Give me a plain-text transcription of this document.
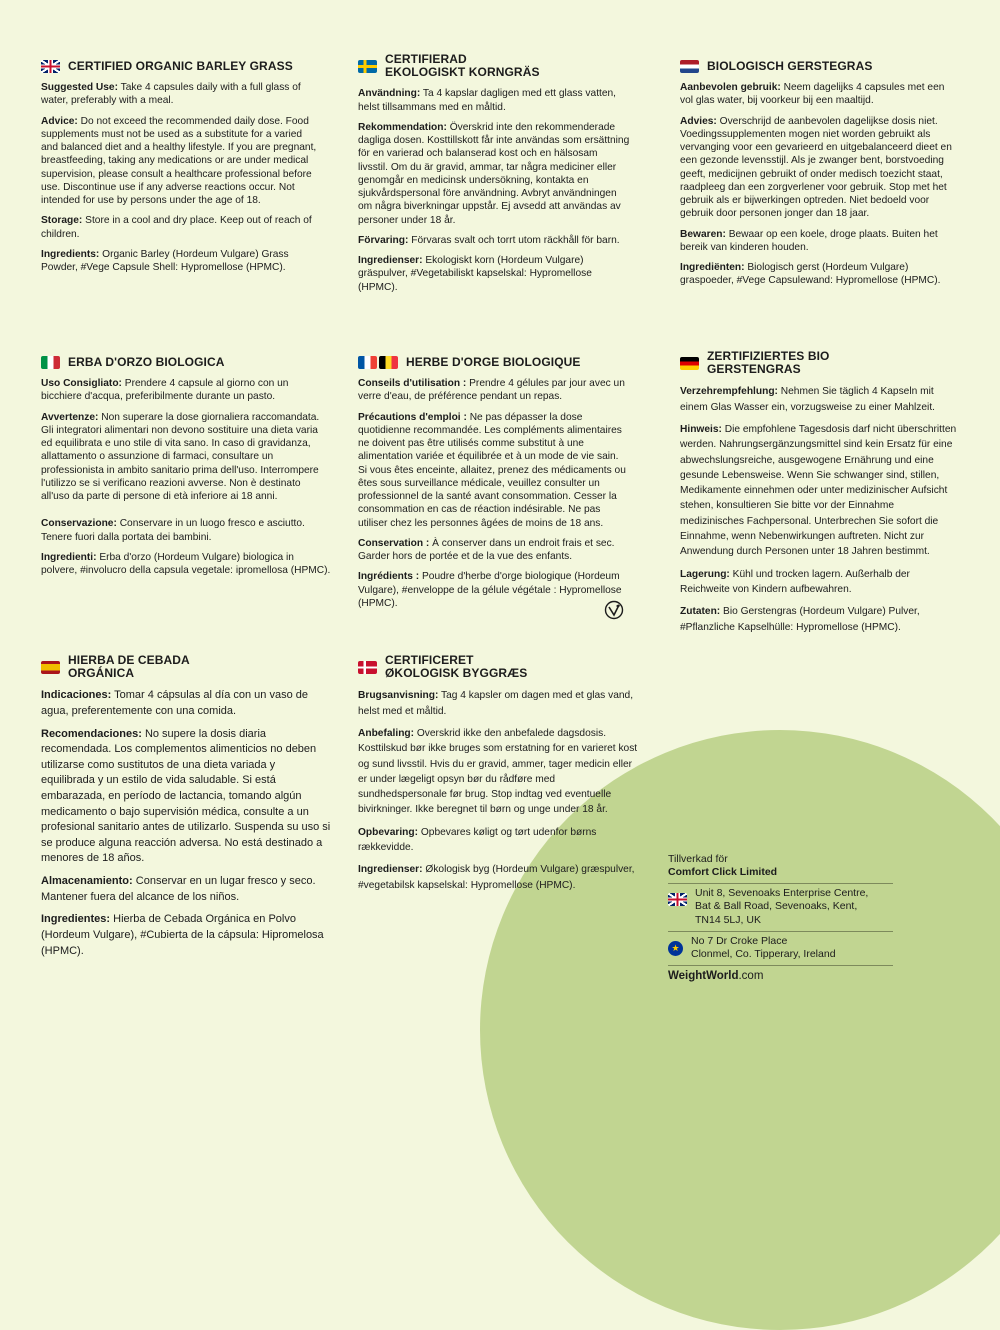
CERTIFIED ORGANIC BARLEY GRASS

Suggested Use: Take 4 capsules daily with a full glass of water, preferably with a meal.

Advice: Do not exceed the recommended daily dose. Food supplements must not be used as a substitute for a varied and balanced diet and a healthy lifestyle. If you are pregnant, breastfeeding, taking any medications or are under medical supervision, please consult a healthcare professional before use. Discontinue use if any adverse reactions occur. Not intended for use by persons under the age of 18.

Storage: Store in a cool and dry place. Keep out of reach of children.

Ingredients: Organic Barley (Hordeum Vulgare) Grass Powder, #Vege Capsule Shell: Hypromellose (HPMC).

CERTIFIERAD
EKOLOGISKT KORNGRÄS

Användning: Ta 4 kapslar dagligen med ett glass vatten, helst tillsammans med en måltid.

Rekommendation: Överskrid inte den rekommenderade dagliga dosen. Kosttillskott får inte användas som ersättning för en varierad och balanserad kost och en hälsosam livsstil. Om du är gravid, ammar, tar några mediciner eller genomgår en medicinsk undersökning, kontakta en sjukvårdspersonal före användning. Avbryt användningen om några biverkningar uppstår. Ej avsedd att användas av personer under 18 år.

Förvaring: Förvaras svalt och torrt utom räckhåll för barn.

Ingredienser: Ekologiskt korn (Hordeum Vulgare) gräspulver, #Vegetabiliskt kapselskal: Hypromellose (HPMC).

BIOLOGISCH GERSTEGRAS

Aanbevolen gebruik: Neem dagelijks 4 capsules met een vol glas water, bij voorkeur bij een maaltijd.

Advies: Overschrijd de aanbevolen dagelijkse dosis niet. Voedingssupplementen mogen niet worden gebruikt als vervanging voor een gevarieerd en uitgebalanceerd dieet en een gezonde levensstijl. Als je zwanger bent, borstvoeding geeft, medicijnen gebruikt of onder medisch toezicht staat, raadpleeg dan een zorgverlener voor gebruik. Stop met het gebruik als er bijwerkingen optreden. Niet bedoeld voor gebruik door personen jonger dan 18 jaar.

Bewaren: Bewaar op een koele, droge plaats. Buiten het bereik van kinderen houden.

Ingrediënten: Biologisch gerst (Hordeum Vulgare) graspoeder, #Vege Capsulewand: Hypromellose (HPMC).

ERBA D'ORZO BIOLOGICA

Uso Consigliato: Prendere 4 capsule al giorno con un bicchiere d'acqua, preferibilmente durante un pasto.

Avvertenze: Non superare la dose giornaliera raccomandata. Gli integratori alimentari non devono sostituire una dieta varia ed equilibrata e uno stile di vita sano. In caso di gravidanza, allattamento o assunzione di farmaci, consultare un professionista in ambito sanitario prima dell'uso. Interrompere l'utilizzo se si verificano reazioni avverse. Non è destinato all'uso da parte di persone di età inferiore ai 18 anni.

Conservazione: Conservare in un luogo fresco e asciutto. Tenere fuori dalla portata dei bambini.

Ingredienti: Erba d'orzo (Hordeum Vulgare) biologica in polvere, #involucro della capsula vegetale: ipromellosa (HPMC).

HERBE D'ORGE BIOLOGIQUE

Conseils d'utilisation : Prendre 4 gélules par jour avec un verre d'eau, de préférence pendant un repas.

Précautions d'emploi : Ne pas dépasser la dose quotidienne recommandée. Les compléments alimentaires ne doivent pas être utilisés comme substitut à une alimentation variée et équilibrée et à un mode de vie sain. Si vous êtes enceinte, allaitez, prenez des médicaments ou êtes sous surveillance médicale, veuillez consulter un professionnel de la santé avant consommation. Cesser la consommation en cas de réaction indésirable. Ne pas utiliser chez les personnes âgées de moins de 18 ans.

Conservation : À conserver dans un endroit frais et sec. Garder hors de portée et de la vue des enfants.

Ingrédients : Poudre d'herbe d'orge biologique (Hordeum Vulgare), #enveloppe de la gélule végétale : Hypromellose (HPMC).

ZERTIFIZIERTES BIO
GERSTENGRAS

Verzehrempfehlung: Nehmen Sie täglich 4 Kapseln mit einem Glas Wasser ein, vorzugsweise zu einer Mahlzeit.

Hinweis: Die empfohlene Tagesdosis darf nicht überschritten werden. Nahrungsergänzungsmittel sind kein Ersatz für eine abwechslungsreiche, ausgewogene Ernährung und eine gesunde Lebensweise. Wenn Sie schwanger sind, stillen, Medikamente einnehmen oder unter medizinischer Aufsicht stehen, konsultieren Sie bitte vor der Einnahme medizinisches Fachpersonal. Unterbrechen Sie sofort die Einnahme, wenn Nebenwirkungen auftreten. Nicht zur Anwendung durch Personen unter 18 Jahren bestimmt.

Lagerung: Kühl und trocken lagern. Außerhalb der Reichweite von Kindern aufbewahren.

Zutaten: Bio Gerstengras (Hordeum Vulgare) Pulver, #Pflanzliche Kapselhülle: Hypromellose (HPMC).

HIERBA DE CEBADA
ORGÁNICA

Indicaciones: Tomar 4 cápsulas al día con un vaso de agua, preferentemente con una comida.

Recomendaciones: No supere la dosis diaria recomendada. Los complementos alimenticios no deben utilizarse como sustitutos de una dieta variada y equilibrada y un estilo de vida saludable. Si está embarazada, en período de lactancia, tomando algún medicamento o bajo supervisión médica, consulte a un profesional sanitario antes de utilizarlo. Suspenda su uso si se produce alguna reacción adversa. No está destinado a menores de 18 años.

Almacenamiento: Conservar en un lugar fresco y seco. Mantener fuera del alcance de los niños.

Ingredientes: Hierba de Cebada Orgánica en Polvo (Hordeum Vulgare), #Cubierta de la cápsula: Hipromelosa (HPMC).

CERTIFICERET
ØKOLOGISK BYGGRÆS

Brugsanvisning: Tag 4 kapsler om dagen med et glas vand, helst med et måltid.

Anbefaling: Overskrid ikke den anbefalede dagsdosis. Kosttilskud bør ikke bruges som erstatning for en varieret kost og sund livsstil. Hvis du er gravid, ammer, tager medicin eller er under lægeligt opsyn bør du rådføre med sundhedspersonale før brug. Stop indtag ved eventuelle bivirkninger. Ikke beregnet til børn og unge under 18 år.

Opbevaring: Opbevares køligt og tørt udenfor børns rækkevidde.

Ingredienser: Økologisk byg (Hordeum Vulgare) græspulver, #vegetabilsk kapselskal: Hypromellose (HPMC).

Tillverkad för

Comfort Click Limited

Unit 8, Sevenoaks Enterprise Centre,
Bat & Ball Road, Sevenoaks, Kent,
TN14 5LJ, UK
★
No 7 Dr Croke Place
Clonmel, Co. Tipperary, Ireland
WeightWorld.com
